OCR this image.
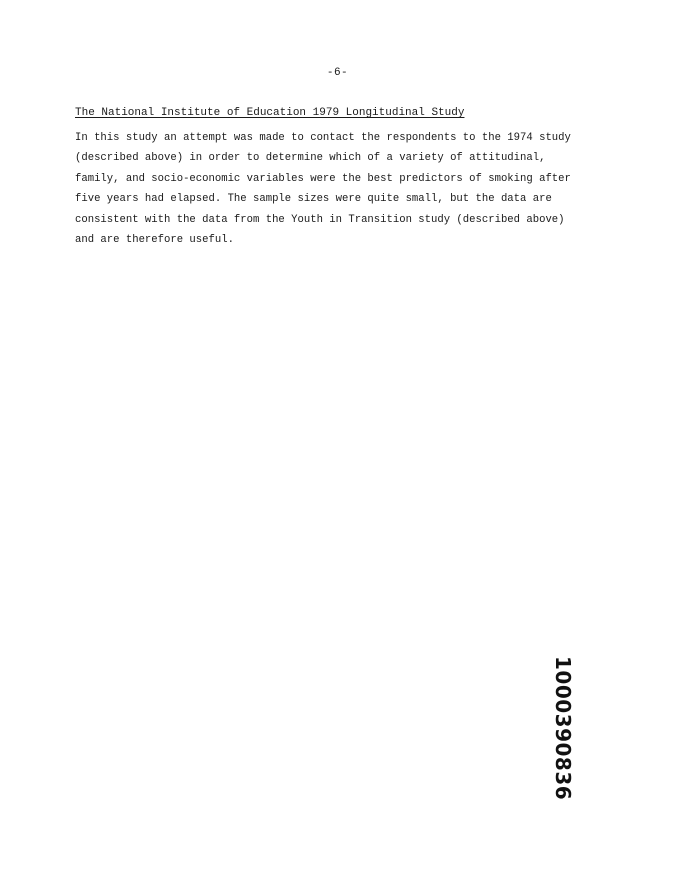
-6-
The National Institute of Education 1979 Longitudinal Study

In this study an attempt was made to contact the respondents to the 1974 study
(described above) in order to determine which of a variety of attitudinal,
family, and socio-economic variables were the best predictors of smoking after
five years had elapsed. The sample sizes were quite small, but the data are
consistent with the data from the Youth in Transition study (described above)
and are therefore useful.

1000390836
